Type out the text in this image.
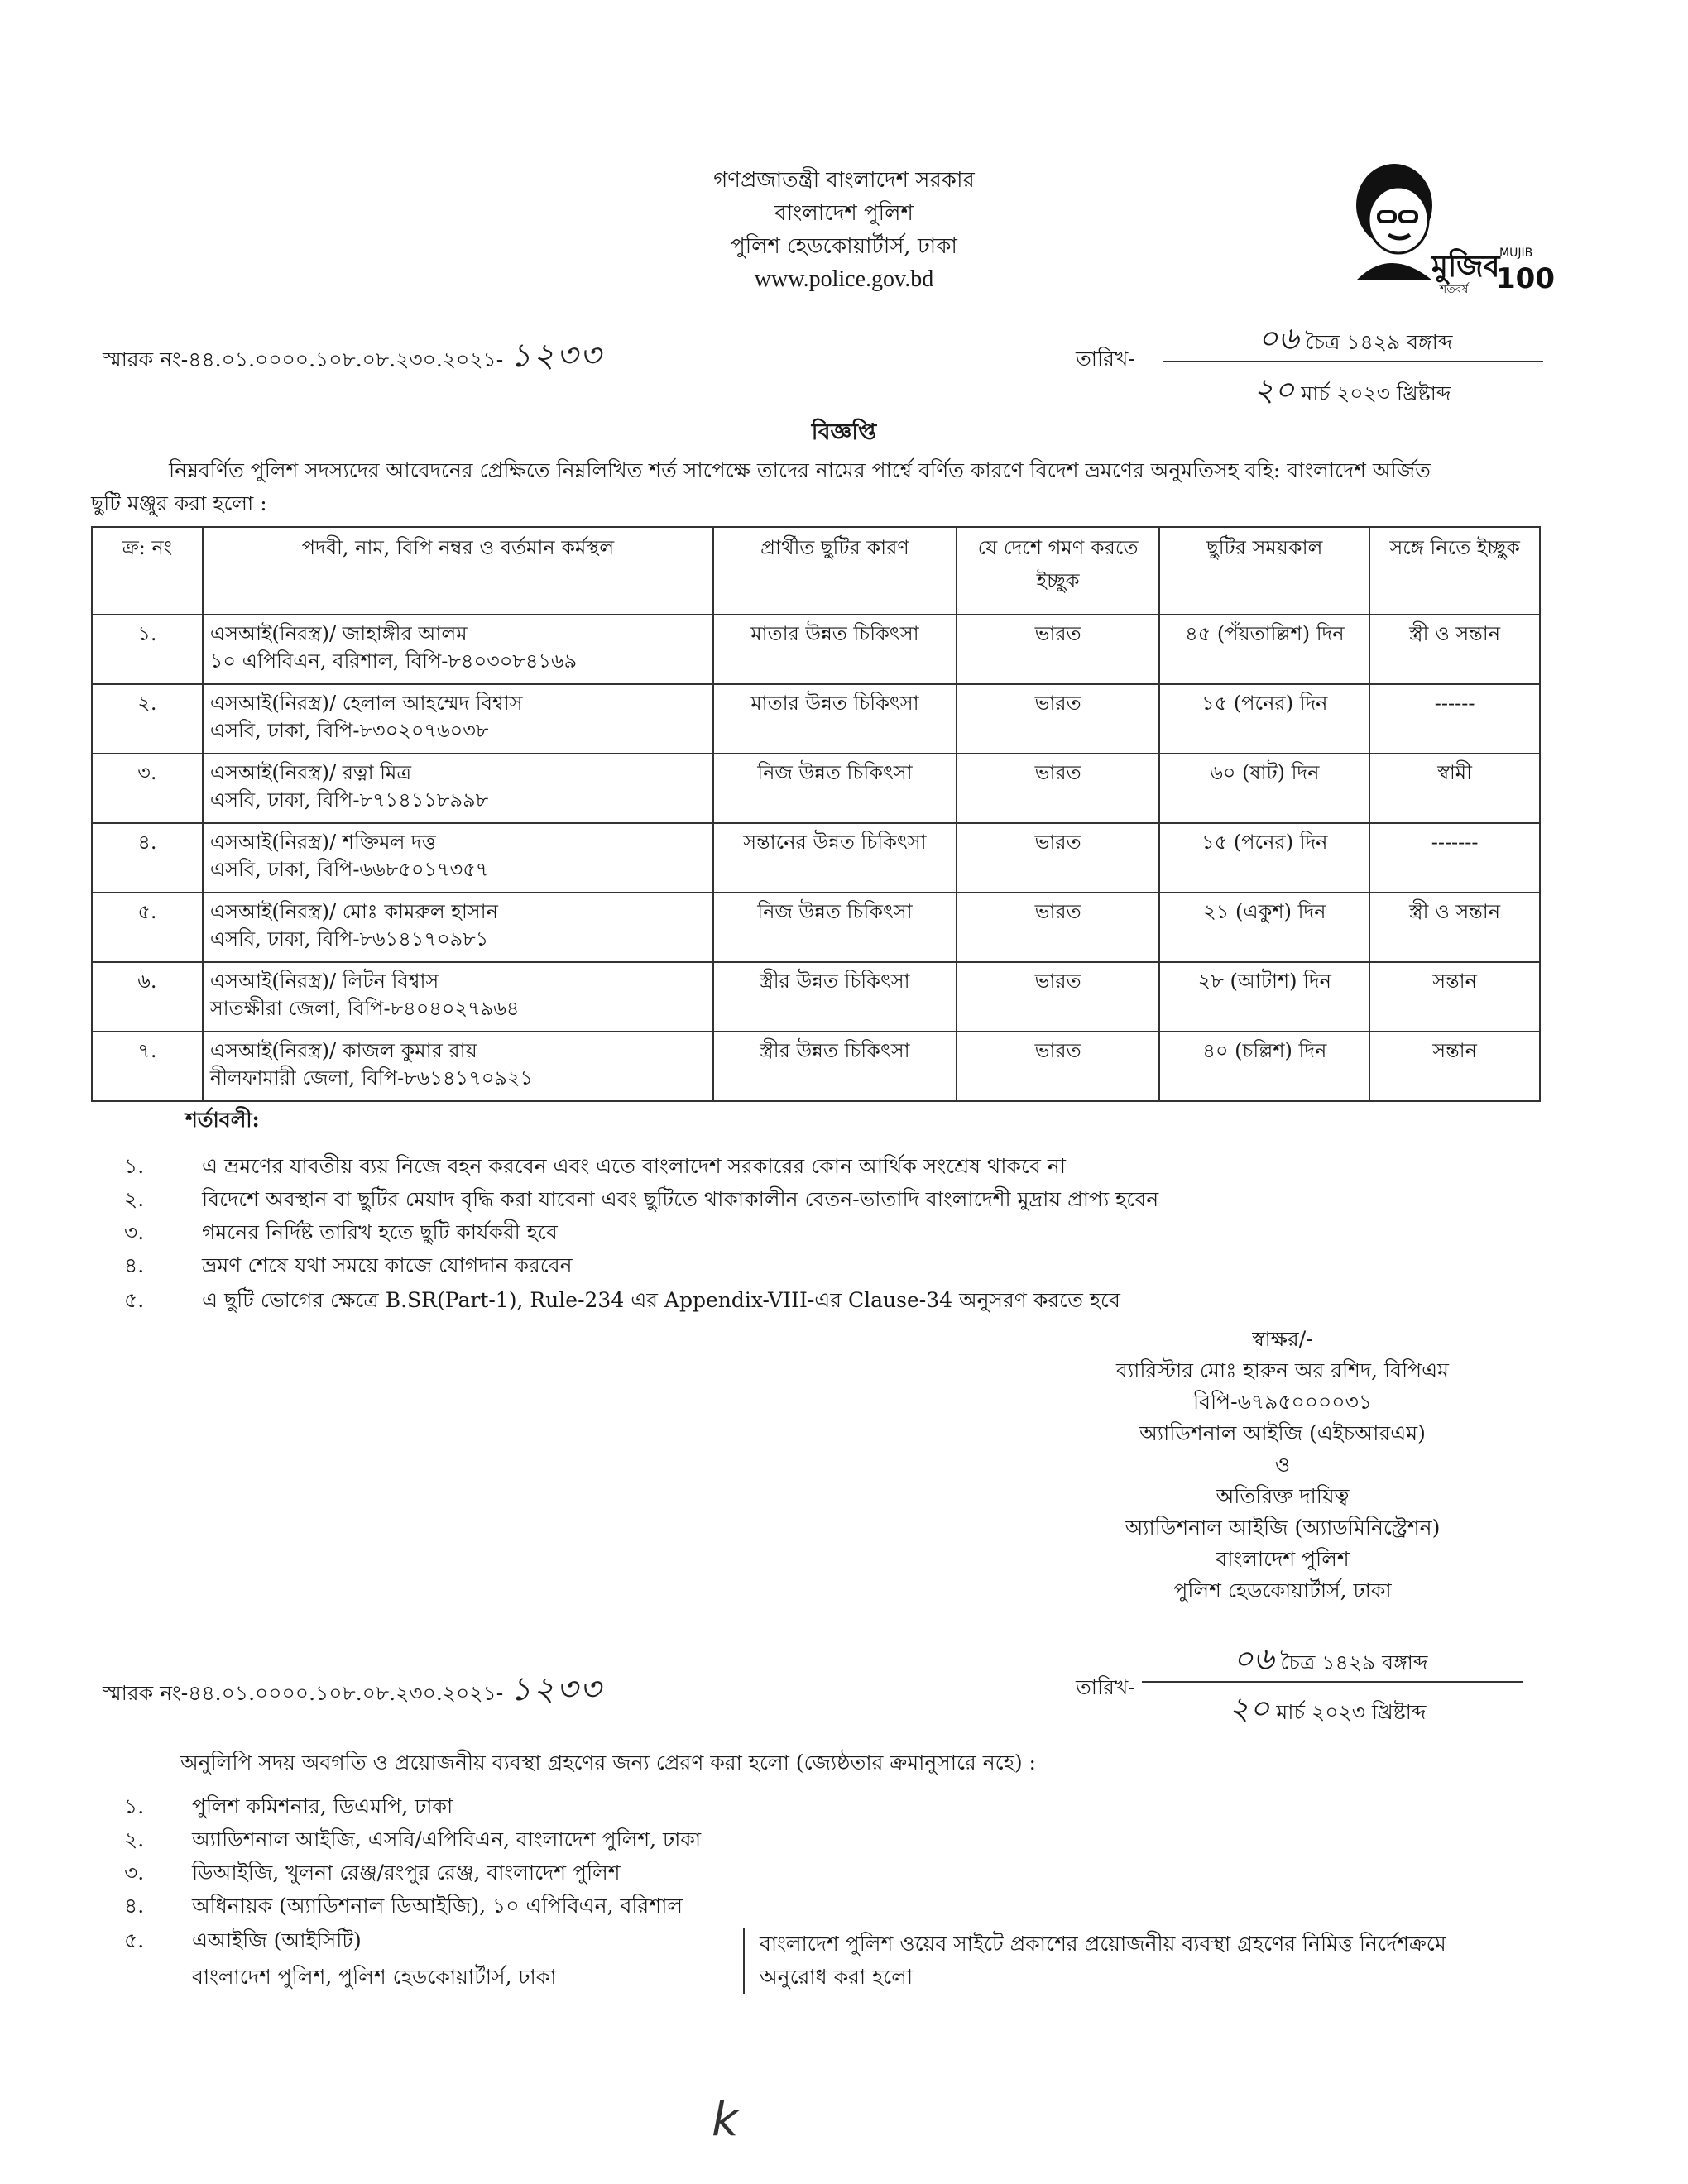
গণপ্রজাতন্ত্রী বাংলাদেশ সরকার
বাংলাদেশ পুলিশ
পুলিশ হেডকোয়ার্টার্স, ঢাকা
www.police.gov.bd	মুজিব
শতবর্ষ
MUJIB
100
স্মারক নং-৪৪.০১.০০০০.১০৮.০৮.২৩০.২০২১- ১২৩৩	তারিখ-
০৬ চৈত্র ১৪২৯ বঙ্গাব্দ
২০ মার্চ ২০২৩ খ্রিষ্টাব্দ
বিজ্ঞপ্তি
নিম্নবর্ণিত পুলিশ সদস্যদের আবেদনের প্রেক্ষিতে নিম্নলিখিত শর্ত সাপেক্ষে তাদের নামের পার্শ্বে বর্ণিত কারণে বিদেশ ভ্রমণের অনুমতিসহ বহি: বাংলাদেশ অর্জিত
ছুটি মঞ্জুর করা হলো :
ক্র: নং	পদবী, নাম, বিপি নম্বর ও বর্তমান কর্মস্থল	প্রার্থীত ছুটির কারণ	যে দেশে গমণ করতে ইচ্ছুক	ছুটির সময়কাল	সঙ্গে নিতে ইচ্ছুক
১.	এসআই(নিরস্ত্র)/ জাহাঙ্গীর আলম
১০ এপিবিএন, বরিশাল, বিপি-৮৪০৩০৮৪১৬৯	মাতার উন্নত চিকিৎসা	ভারত	৪৫ (পঁয়তাল্লিশ) দিন	স্ত্রী ও সন্তান
২.	এসআই(নিরস্ত্র)/ হেলাল আহম্মেদ বিশ্বাস
এসবি, ঢাকা, বিপি-৮৩০২০৭৬০৩৮	মাতার উন্নত চিকিৎসা	ভারত	১৫ (পনের) দিন	------
৩.	এসআই(নিরস্ত্র)/ রত্না মিত্র
এসবি, ঢাকা, বিপি-৮৭১৪১১৮৯৯৮	নিজ উন্নত চিকিৎসা	ভারত	৬০ (ষাট) দিন	স্বামী
৪.	এসআই(নিরস্ত্র)/ শক্তিমল দত্ত
এসবি, ঢাকা, বিপি-৬৬৮৫০১৭৩৫৭	সন্তানের উন্নত চিকিৎসা	ভারত	১৫ (পনের) দিন	-------
৫.	এসআই(নিরস্ত্র)/ মোঃ কামরুল হাসান
এসবি, ঢাকা, বিপি-৮৬১৪১৭০৯৮১	নিজ উন্নত চিকিৎসা	ভারত	২১ (একুশ) দিন	স্ত্রী ও সন্তান
৬.	এসআই(নিরস্ত্র)/ লিটন বিশ্বাস
সাতক্ষীরা জেলা, বিপি-৮৪০৪০২৭৯৬৪	স্ত্রীর উন্নত চিকিৎসা	ভারত	২৮ (আটাশ) দিন	সন্তান
৭.	এসআই(নিরস্ত্র)/ কাজল কুমার রায়
নীলফামারী জেলা, বিপি-৮৬১৪১৭০৯২১	স্ত্রীর উন্নত চিকিৎসা	ভারত	৪০ (চল্লিশ) দিন	সন্তান
শর্তাবলী:
১.	এ ভ্রমণের যাবতীয় ব্যয় নিজে বহন করবেন এবং এতে বাংলাদেশ সরকারের কোন আর্থিক সংশ্রেষ থাকবে না
২.	বিদেশে অবস্থান বা ছুটির মেয়াদ বৃদ্ধি করা যাবেনা এবং ছুটিতে থাকাকালীন বেতন-ভাতাদি বাংলাদেশী মুদ্রায় প্রাপ্য হবেন
৩.	গমনের নির্দিষ্ট তারিখ হতে ছুটি কার্যকরী হবে
৪.	ভ্রমণ শেষে যথা সময়ে কাজে যোগদান করবেন
৫.	এ ছুটি ভোগের ক্ষেত্রে B.SR(Part-1), Rule-234 এর Appendix-VIII-এর Clause-34 অনুসরণ করতে হবে
স্বাক্ষর/-
ব্যারিস্টার মোঃ হারুন অর রশিদ, বিপিএম
বিপি-৬৭৯৫০০০০৩১
অ্যাডিশনাল আইজি (এইচআরএম)
ও
অতিরিক্ত দায়িত্ব
অ্যাডিশনাল আইজি (অ্যাডমিনিস্ট্রেশন)
বাংলাদেশ পুলিশ
পুলিশ হেডকোয়ার্টার্স, ঢাকা
স্মারক নং-৪৪.০১.০০০০.১০৮.০৮.২৩০.২০২১- ১২৩৩	তারিখ-
০৬ চৈত্র ১৪২৯ বঙ্গাব্দ
২০ মার্চ ২০২৩ খ্রিষ্টাব্দ
অনুলিপি সদয় অবগতি ও প্রয়োজনীয় ব্যবস্থা গ্রহণের জন্য প্রেরণ করা হলো (জ্যেষ্ঠতার ক্রমানুসারে নহে) :
১. পুলিশ কমিশনার, ডিএমপি, ঢাকা
২. অ্যাডিশনাল আইজি, এসবি/এপিবিএন, বাংলাদেশ পুলিশ, ঢাকা
৩. ডিআইজি, খুলনা রেঞ্জ/রংপুর রেঞ্জ, বাংলাদেশ পুলিশ
৪. অধিনায়ক (অ্যাডিশনাল ডিআইজি), ১০ এপিবিএন, বরিশাল
৫. এআইজি (আইসিটি)
বাংলাদেশ পুলিশ, পুলিশ হেডকোয়ার্টার্স, ঢাকা
বাংলাদেশ পুলিশ ওয়েব সাইটে প্রকাশের প্রয়োজনীয় ব্যবস্থা গ্রহণের নিমিত্ত নির্দেশক্রমে
অনুরোধ করা হলো
k
